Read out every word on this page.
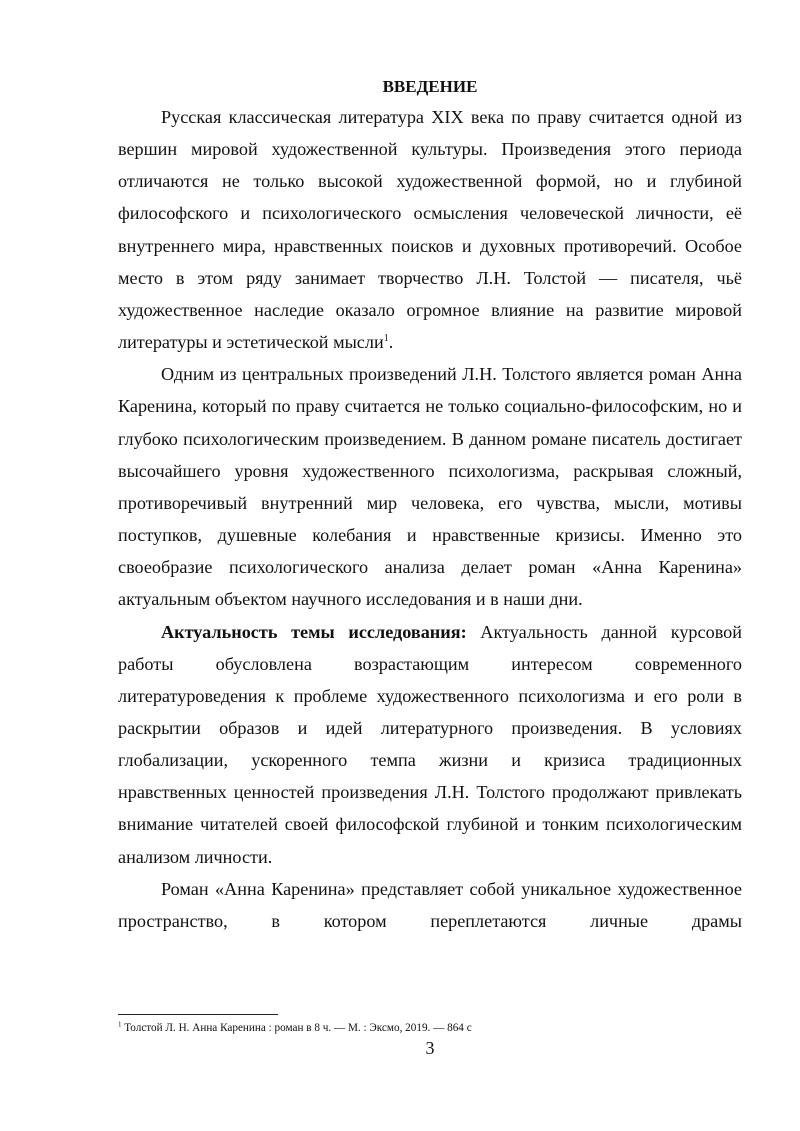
ВВЕДЕНИЕ

Русская классическая литература XIX века по праву считается одной из вершин мировой художественной культуры. Произведения этого периода отличаются не только высокой художественной формой, но и глубиной философского и психологического осмысления человеческой личности, её внутреннего мира, нравственных поисков и духовных противоречий. Особое место в этом ряду занимает творчество Л.Н. Толстой — писателя, чьё художественное наследие оказало огромное влияние на развитие мировой литературы и эстетической мысли$^1$.

Одним из центральных произведений Л.Н. Толстого является роман Анна Каренина, который по праву считается не только социально-философским, но и глубоко психологическим произведением. В данном романе писатель достигает высочайшего уровня художественного психологизма, раскрывая сложный, противоречивый внутренний мир человека, его чувства, мысли, мотивы поступков, душевные колебания и нравственные кризисы. Именно это своеобразие психологического анализа делает роман «Анна Каренина» актуальным объектом научного исследования и в наши дни.

Актуальность темы исследования: Актуальность данной курсовой работы обусловлена возрастающим интересом современного литературоведения к проблеме художественного психологизма и его роли в раскрытии образов и идей литературного произведения. В условиях глобализации, ускоренного темпа жизни и кризиса традиционных нравственных ценностей произведения Л.Н. Толстого продолжают привлекать внимание читателей своей философской глубиной и тонким психологическим анализом личности.

Роман «Анна Каренина» представляет собой уникальное художественное пространство, в котором переплетаются личные драмы

$^1$ Толстой Л. Н. Анна Каренина : роман в 8 ч. — М. : Эксмо, 2019. — 864 с
3
